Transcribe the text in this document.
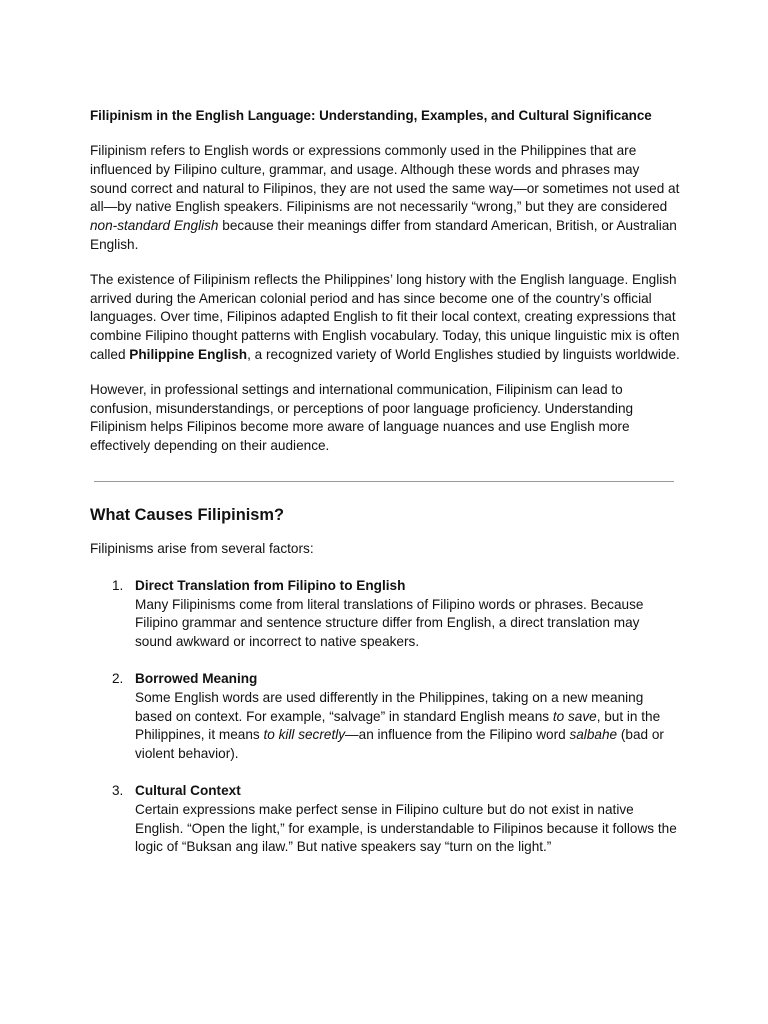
Filipinism in the English Language: Understanding, Examples, and Cultural Significance

Filipinism refers to English words or expressions commonly used in the Philippines that are influenced by Filipino culture, grammar, and usage. Although these words and phrases may sound correct and natural to Filipinos, they are not used the same way—or sometimes not used at all—by native English speakers. Filipinisms are not necessarily “wrong,” but they are considered non-standard English because their meanings differ from standard American, British, or Australian English.

The existence of Filipinism reflects the Philippines’ long history with the English language. English arrived during the American colonial period and has since become one of the country’s official languages. Over time, Filipinos adapted English to fit their local context, creating expressions that combine Filipino thought patterns with English vocabulary. Today, this unique linguistic mix is often called Philippine English, a recognized variety of World Englishes studied by linguists worldwide.

However, in professional settings and international communication, Filipinism can lead to confusion, misunderstandings, or perceptions of poor language proficiency. Understanding Filipinism helps Filipinos become more aware of language nuances and use English more effectively depending on their audience.

What Causes Filipinism?

Filipinisms arise from several factors:

1. Direct Translation from Filipino to English
Many Filipinisms come from literal translations of Filipino words or phrases. Because Filipino grammar and sentence structure differ from English, a direct translation may sound awkward or incorrect to native speakers.
2. Borrowed Meaning
Some English words are used differently in the Philippines, taking on a new meaning based on context. For example, “salvage” in standard English means to save, but in the Philippines, it means to kill secretly—an influence from the Filipino word salbahe (bad or violent behavior).
3. Cultural Context
Certain expressions make perfect sense in Filipino culture but do not exist in native English. “Open the light,” for example, is understandable to Filipinos because it follows the logic of “Buksan ang ilaw.” But native speakers say “turn on the light.”
